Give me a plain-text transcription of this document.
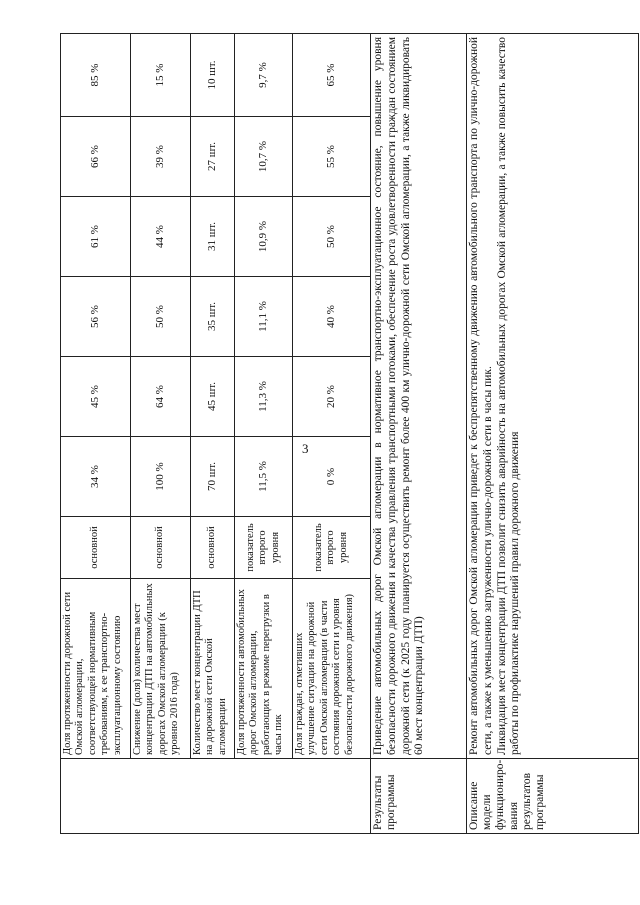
3
	Доля протяженности дорожной сети Омской агломерации, соответствующей нормативным требованиям, к ее транспортно-эксплуатационному состоянию	основной	34 %	45 %	56 %	61 %	66 %	85 %
	Снижение (доля) количества мест концентрации ДТП на автомобильных дорогах Омской агломерации (к уровню 2016 года)	основной	100 %	64 %	50 %	44 %	39 %	15 %
	Количество мест концентрации ДТП на дорожной сети Омской агломерации	основной	70 шт.	45 шт.	35 шт.	31 шт.	27 шт.	10 шт.
	Доля протяженности автомобильных дорог Омской агломерации, работающих в режиме перегрузки в часы пик	показатель второго уровня	11,5 %	11,3 %	11,1 %	10,9 %	10,7 %	9,7 %
	Доля граждан, отметивших улучшение ситуации на дорожной сети Омской агломерации (в части состояния дорожной сети и уровня безопасности дорожного движения)	показатель второго уровня	0 %	20 %	40 %	50 %	55 %	65 %
Результаты программы	Приведение автомобильных дорог Омской агломерации в нормативное транспортно-эксплуатационное состояние, повышение уровня безопасности дорожного движения и качества управления транспортными потоками, обеспечение роста удовлетворенности граждан состоянием дорожной сети (к 2025 году планируется осуществить ремонт более 400 км улично-дорожной сети Омской агломерации, а также ликвидировать 60 мест концентрации ДТП)							
Описание модели функциониро-вания результатов программы	Ремонт автомобильных дорог Омской агломерации приведет к беспрепятственному движению автомобильного транспорта по улично-дорожной сети, а также к уменьшению загруженности улично-дорожной сети в часы пик. Ликвидация мест концентрации ДТП позволит снизить аварийность на автомобильных дорогах Омской агломерации, а также повысить качество работы по профилактике нарушений правил дорожного движения							
